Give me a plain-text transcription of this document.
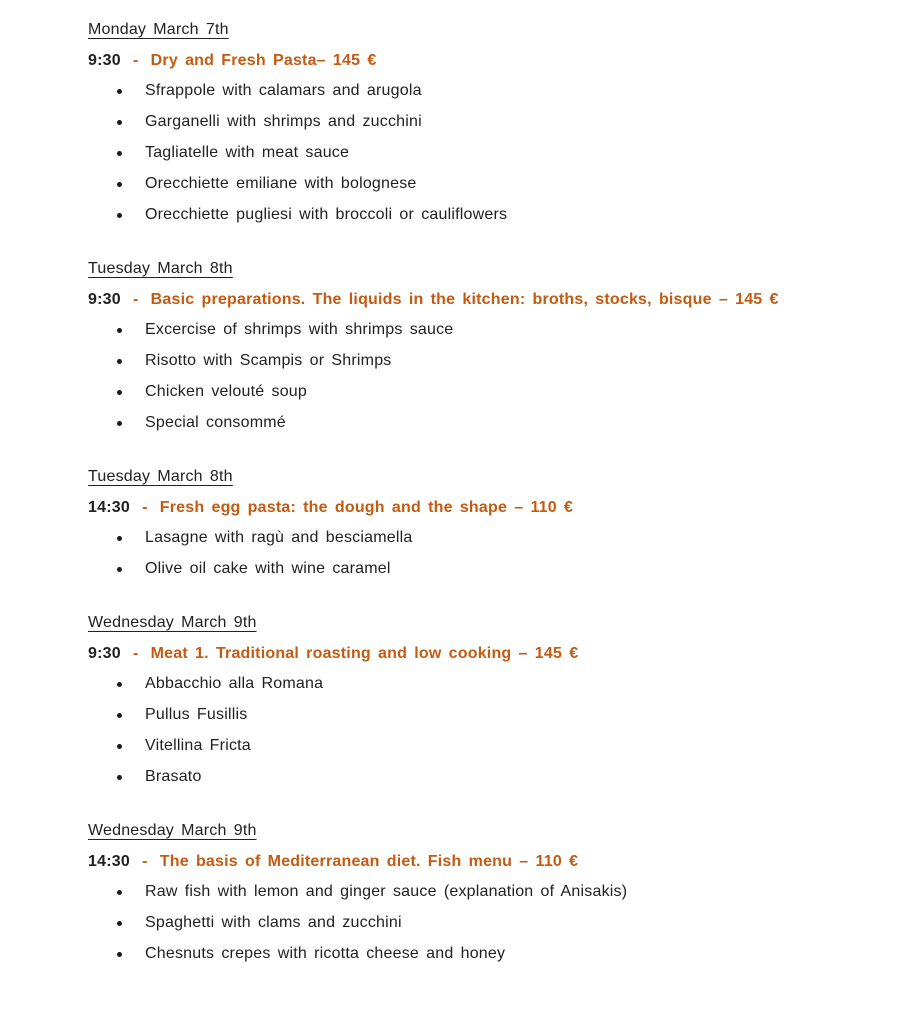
Monday March 7th

9:30 - Dry and Fresh Pasta– 145 €

Sfrappole with calamars and arugola
Garganelli with shrimps and zucchini
Tagliatelle with meat sauce
Orecchiette emiliane with bolognese
Orecchiette pugliesi with broccoli or cauliflowers
Tuesday March 8th

9:30 - Basic preparations. The liquids in the kitchen: broths, stocks, bisque – 145 €

Excercise of shrimps with shrimps sauce
Risotto with Scampis or Shrimps
Chicken velouté soup
Special consommé
Tuesday March 8th

14:30 - Fresh egg pasta: the dough and the shape – 110 €

Lasagne with ragù and besciamella
Olive oil cake with wine caramel
Wednesday March 9th

9:30 - Meat 1. Traditional roasting and low cooking – 145 €

Abbacchio alla Romana
Pullus Fusillis
Vitellina Fricta
Brasato
Wednesday March 9th

14:30 - The basis of Mediterranean diet. Fish menu – 110 €

Raw fish with lemon and ginger sauce (explanation of Anisakis)
Spaghetti with clams and zucchini
Chesnuts crepes with ricotta cheese and honey
